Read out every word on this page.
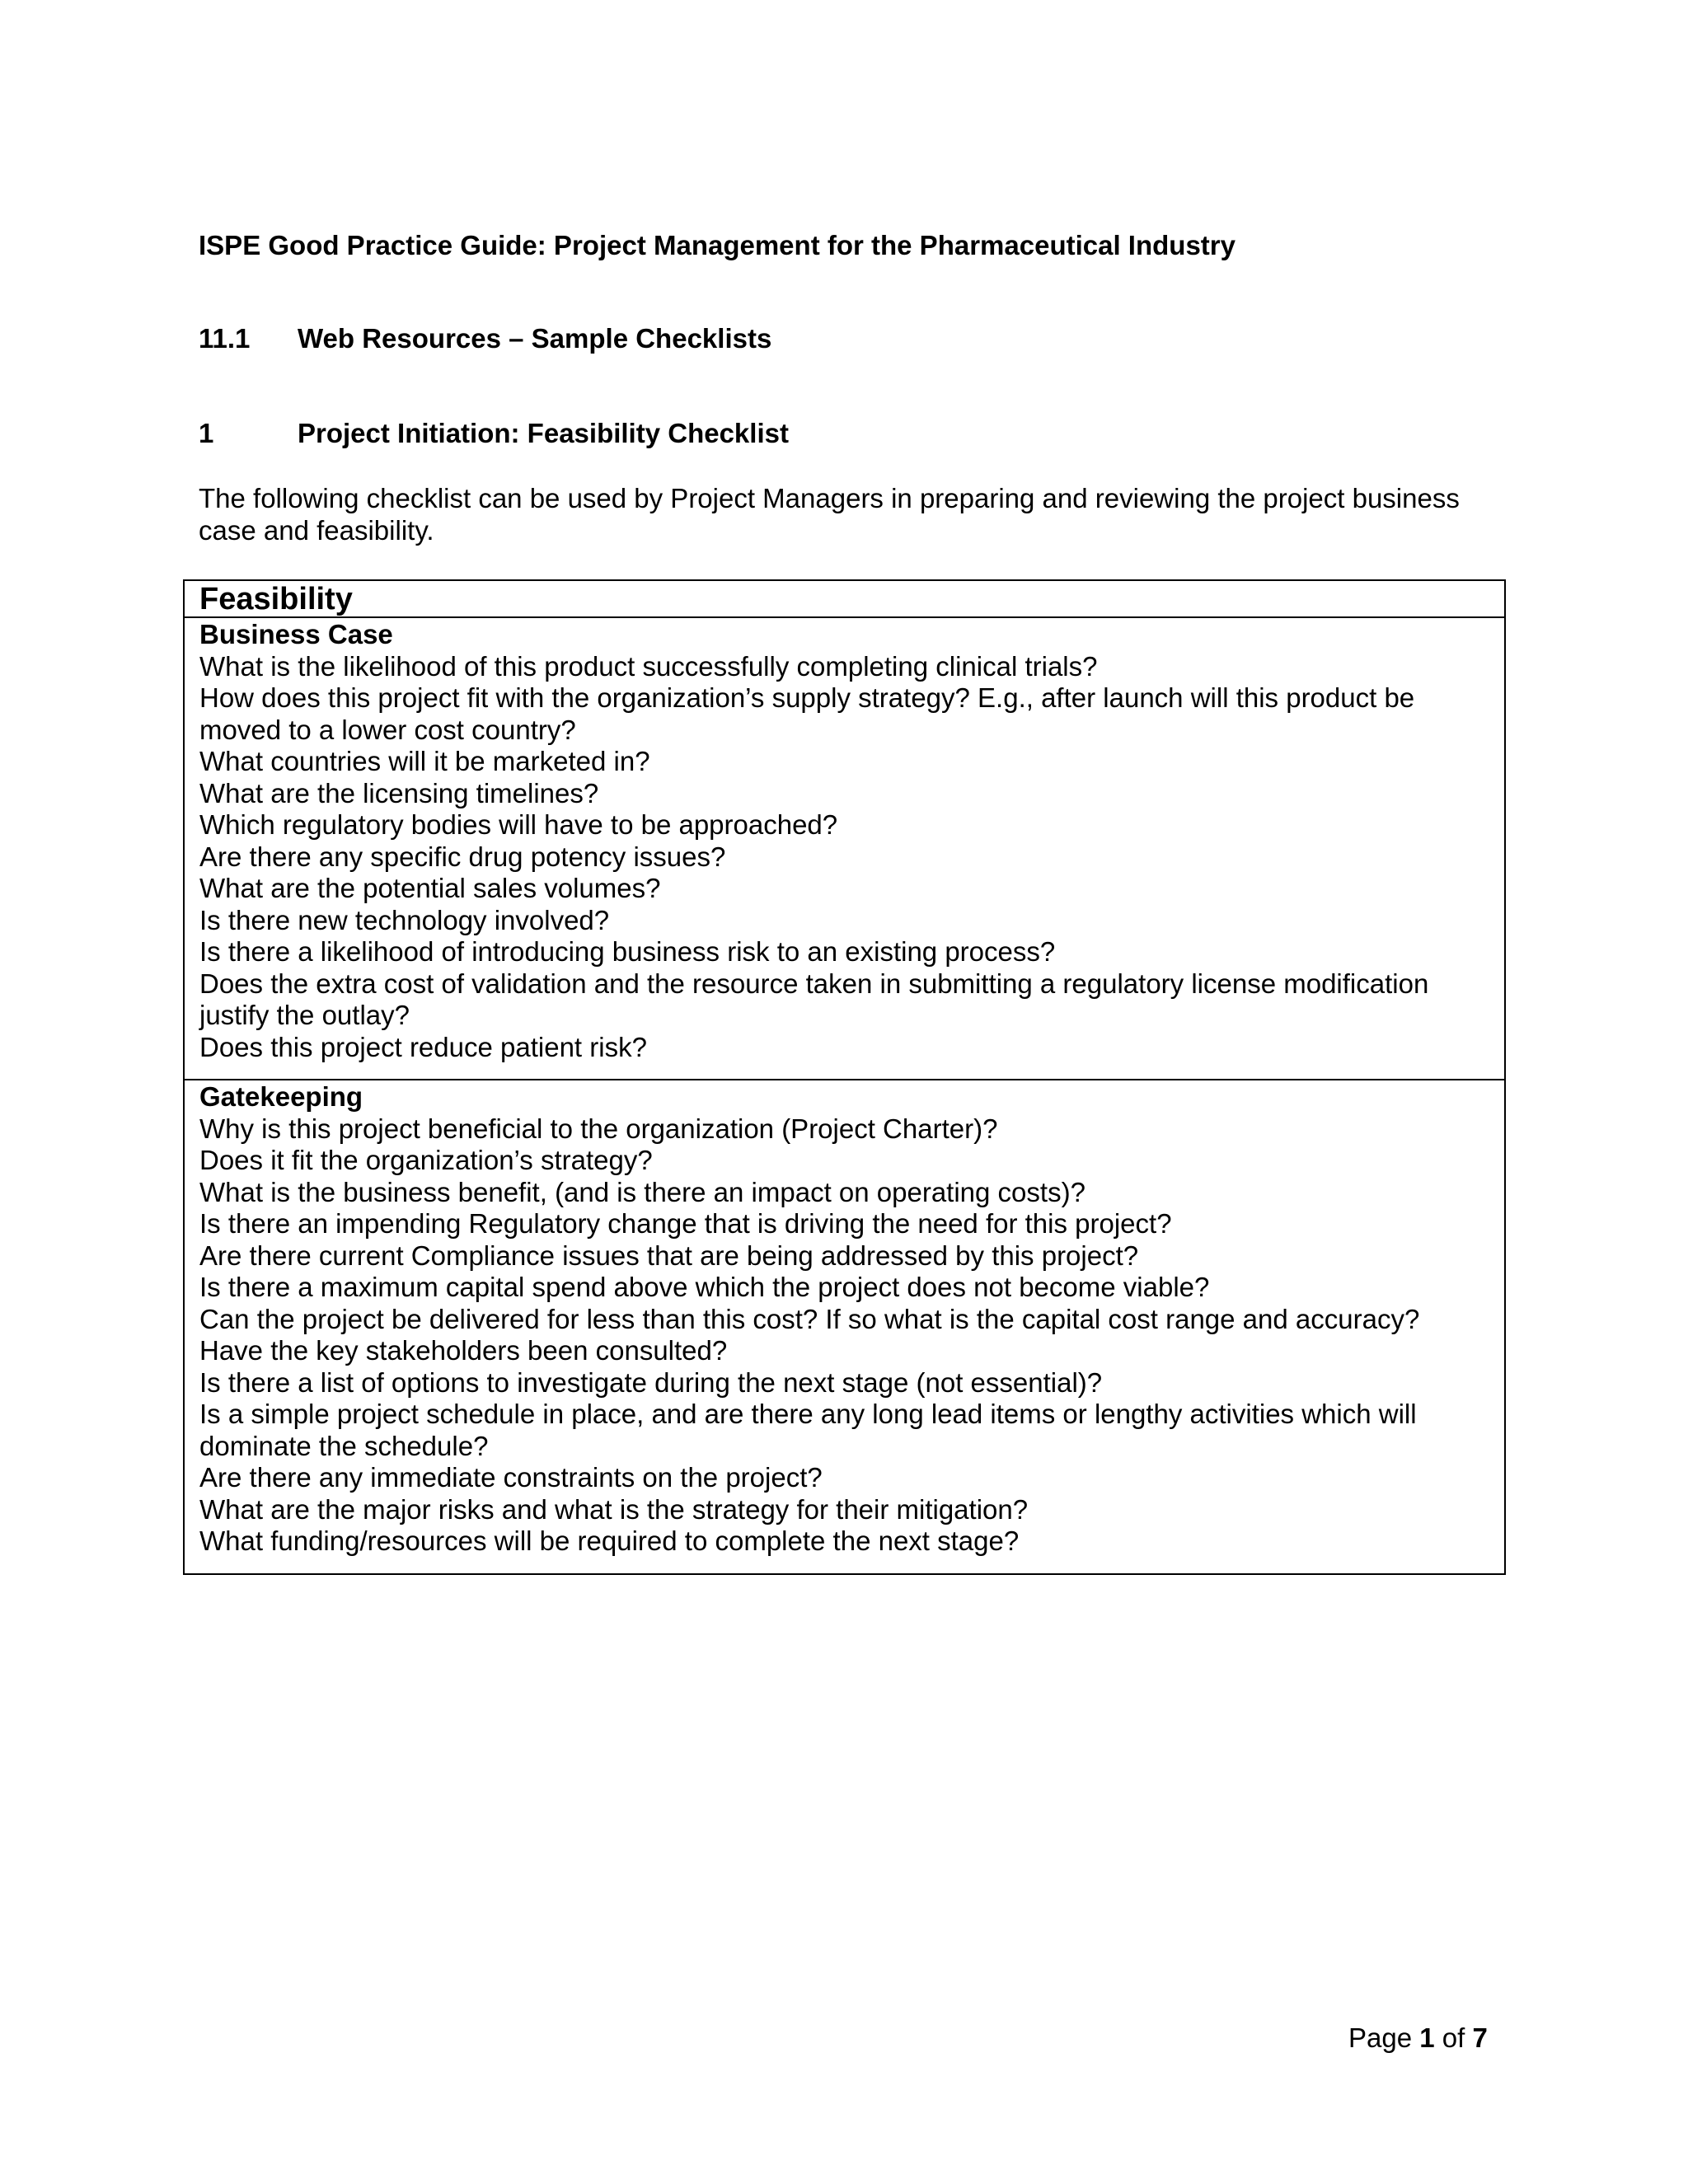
ISPE Good Practice Guide: Project Management for the Pharmaceutical Industry
11.1 Web Resources – Sample Checklists
1	Project Initiation: Feasibility Checklist
The following checklist can be used by Project Managers in preparing and reviewing the project business case and feasibility.
Feasibility
Business Case
What is the likelihood of this product successfully completing clinical trials?
How does this project fit with the organization’s supply strategy? E.g., after launch will this product be moved to a lower cost country?
What countries will it be marketed in?
What are the licensing timelines?
Which regulatory bodies will have to be approached?
Are there any specific drug potency issues?
What are the potential sales volumes?
Is there new technology involved?
Is there a likelihood of introducing business risk to an existing process?
Does the extra cost of validation and the resource taken in submitting a regulatory license modification justify the outlay?
Does this project reduce patient risk?
Gatekeeping
Why is this project beneficial to the organization (Project Charter)?
Does it fit the organization’s strategy?
What is the business benefit, (and is there an impact on operating costs)?
Is there an impending Regulatory change that is driving the need for this project?
Are there current Compliance issues that are being addressed by this project?
Is there a maximum capital spend above which the project does not become viable?
Can the project be delivered for less than this cost? If so what is the capital cost range and accuracy?
Have the key stakeholders been consulted?
Is there a list of options to investigate during the next stage (not essential)?
Is a simple project schedule in place, and are there any long lead items or lengthy activities which will dominate the schedule?
Are there any immediate constraints on the project?
What are the major risks and what is the strategy for their mitigation?
What funding/resources will be required to complete the next stage?
Page 1 of 7
